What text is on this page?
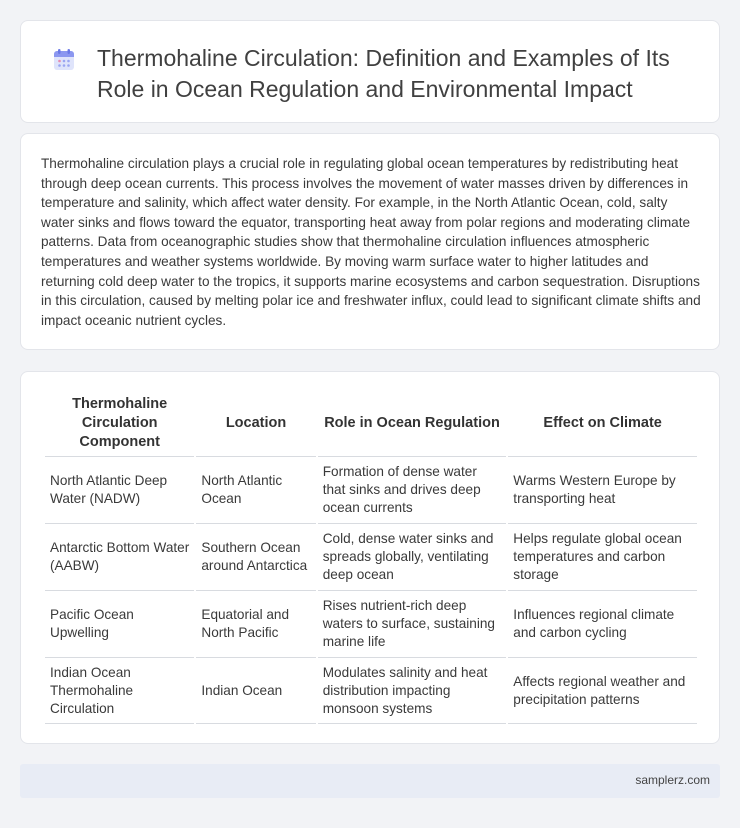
Thermohaline Circulation: Definition and Examples of Its Role in Ocean Regulation and Environmental Impact

Thermohaline circulation plays a crucial role in regulating global ocean temperatures by redistributing heat through deep ocean currents. This process involves the movement of water masses driven by differences in temperature and salinity, which affect water density. For example, in the North Atlantic Ocean, cold, salty water sinks and flows toward the equator, transporting heat away from polar regions and moderating climate patterns. Data from oceanographic studies show that thermohaline circulation influences atmospheric temperatures and weather systems worldwide. By moving warm surface water to higher latitudes and returning cold deep water to the tropics, it supports marine ecosystems and carbon sequestration. Disruptions in this circulation, caused by melting polar ice and freshwater influx, could lead to significant climate shifts and impact oceanic nutrient cycles.

Thermohaline Circulation Component	Location	Role in Ocean Regulation	Effect on Climate
North Atlantic Deep Water (NADW)	North Atlantic Ocean	Formation of dense water that sinks and drives deep ocean currents	Warms Western Europe by transporting heat
Antarctic Bottom Water (AABW)	Southern Ocean around Antarctica	Cold, dense water sinks and spreads globally, ventilating deep ocean	Helps regulate global ocean temperatures and carbon storage
Pacific Ocean Upwelling	Equatorial and North Pacific	Rises nutrient-rich deep waters to surface, sustaining marine life	Influences regional climate and carbon cycling
Indian Ocean Thermohaline Circulation	Indian Ocean	Modulates salinity and heat distribution impacting monsoon systems	Affects regional weather and precipitation patterns
samplerz.com
